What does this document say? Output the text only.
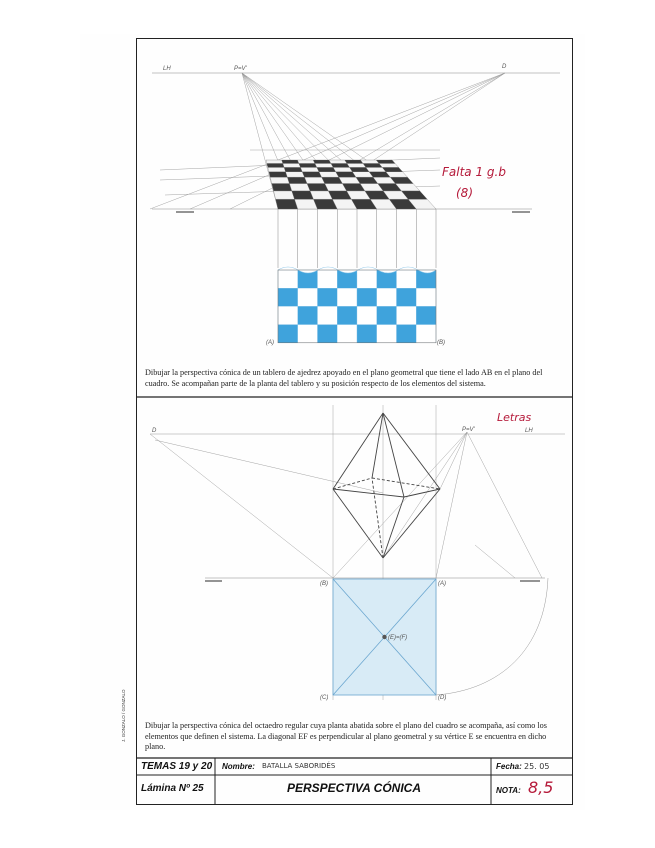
LH	P=V'	D
(A)	(B)
D	P=V'	LH
(B)	(A)
(C)	(D)
(E)=(F)
Dibujar la perspectiva cónica de un tablero de ajedrez apoyado en el plano geometral que tiene el lado AB en el plano del cuadro. Se acompañan parte de la planta del tablero y su posición respecto de los elementos del sistema.
Dibujar la perspectiva cónica del octaedro regular cuya planta abatida sobre el plano del cuadro se acompaña, así como los elementos que definen el sistema. La diagonal EF es perpendicular al plano geometral y su vértice E se encuentra en dicho plano.
Falta 1 g.b
(8)
Letras
J. GONZALO / GONZALO
TEMAS 19 y 20 Nombre: BATALLA SABORIDÉS	Fecha: 25. 05
Lámina Nº 25	PERSPECTIVA CÓNICA	NOTA: 8,5
